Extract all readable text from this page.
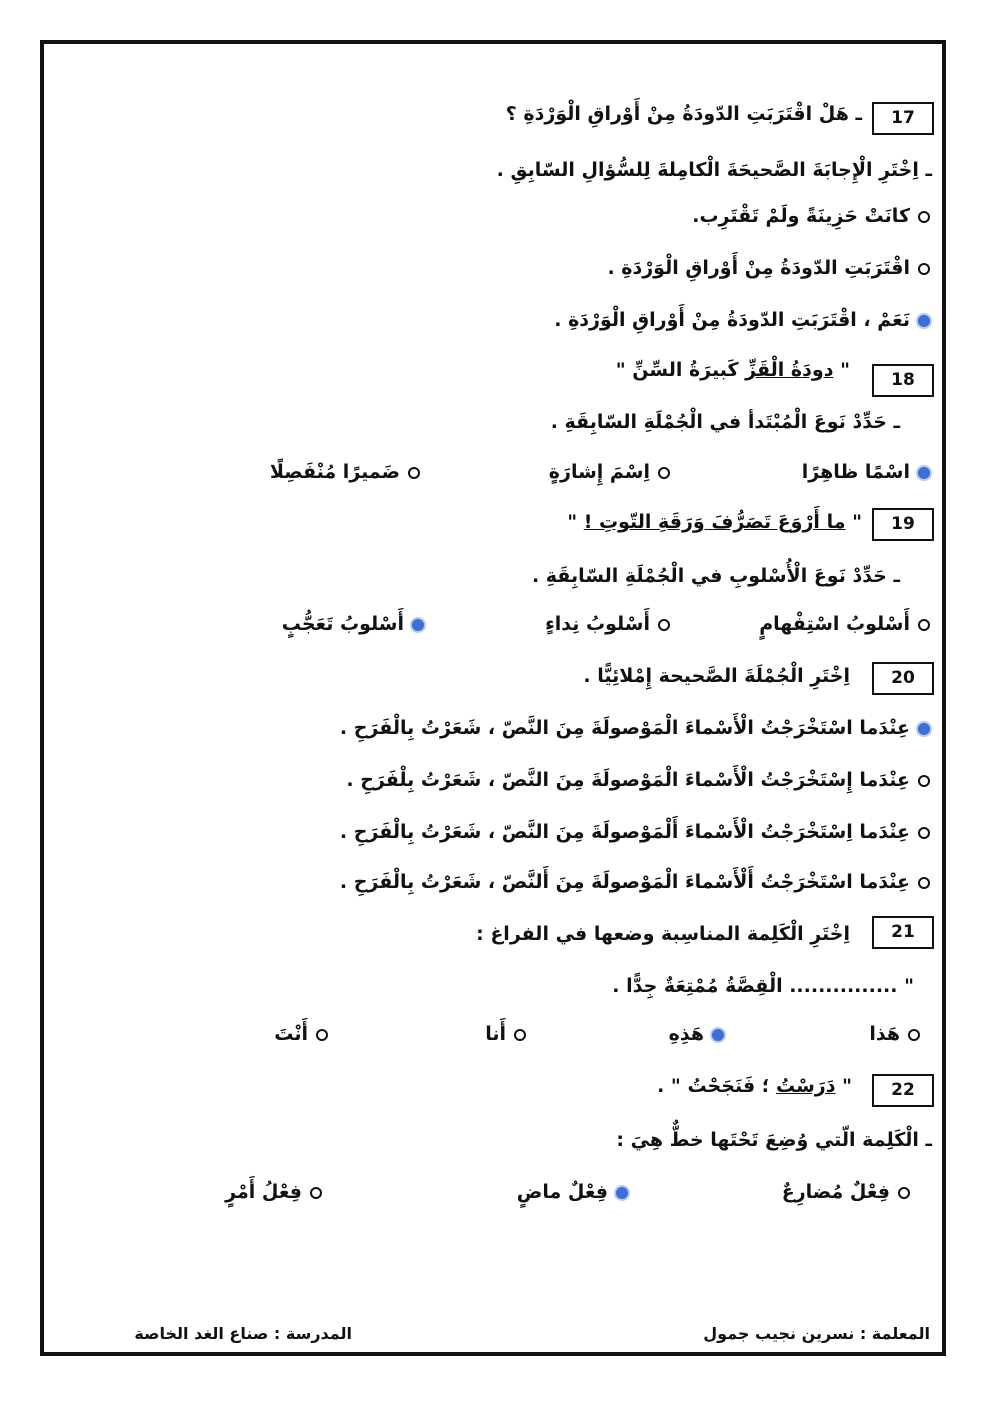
17
ـ هَلْ اقْتَرَبَتِ الدّودَةُ مِنْ أَوْراقِ الْوَرْدَةِ ؟
ـ اِخْتَرِ الْإِجابَةَ الصَّحيحَةَ الْكامِلةَ لِلسُّؤالِ السّابِقِ .
كانَتْ حَزِينَةً ولَمْ تَقْتَرِب.
اقْتَرَبَتِ الدّودَةُ مِنْ أَوْراقِ الْوَرْدَةِ .
نَعَمْ ، اقْتَرَبَتِ الدّودَةُ مِنْ أَوْراقِ الْوَرْدَةِ .
18
" دودَةُ الْقَزِّ كَبيرَةُ السِّنِّ "
ـ حَدِّدْ نَوعَ الْمُبْتَدأ في الْجُمْلَةِ السّابِقَةِ .
اسْمًا ظاهِرًا
اِسْمَ إِشارَةٍ
ضَميرًا مُنْفَصِلًا
19
" ما أَرْوَعَ تَصَرُّفَ وَرَقَةِ التّوتِ ! "
ـ حَدِّدْ نَوعَ الْأُسْلوبِ في الْجُمْلَةِ السّابِقَةِ .
أَسْلوبُ اسْتِفْهامٍ
أَسْلوبُ نِداءٍ
أَسْلوبُ تَعَجُّبٍ
20
اِخْتَرِ الْجُمْلَةَ الصَّحيحة إِمْلائِيًّا .
عِنْدَما اسْتَخْرَجْتُ الْأَسْماءَ الْمَوْصولَةَ مِنَ النَّصّ ، شَعَرْتُ بِالْفَرَحِ .
عِنْدَما إِسْتَخْرَجْتُ الْأَسْماءَ الْمَوْصولَةَ مِنَ النَّصّ ، شَعَرْتُ بِلْفَرَحِ .
عِنْدَما اِسْتَخْرَجْتُ الْأَسْماءَ أَلْمَوْصولَةَ مِنَ النَّصّ ، شَعَرْتُ بِالْفَرَحِ .
عِنْدَما اسْتَخْرَجْتُ أَلْأَسْماءَ الْمَوْصولَةَ مِنَ أَلنَّصّ ، شَعَرْتُ بِالْفَرَحِ .
21
اِخْتَرِ الْكَلِمة المناسِبة وضعها في الفراغ :
" ............... الْقِصَّةُ مُمْتِعَةٌ جِدًّا .
هَذا
هَذِهِ
أَنا
أَنْتَ
22
" دَرَسْتُ ؛ فَنَجَحْتُ " .
ـ الْكَلِمة الّتي وُضِعَ تَحْتَها خطٌّ هِيَ :
فِعْلٌ مُضارِعٌ
فِعْلٌ ماضٍ
فِعْلُ أَمْرٍ
المعلمة : نسرين نجيب جمول
المدرسة : صناع الغد الخاصة
